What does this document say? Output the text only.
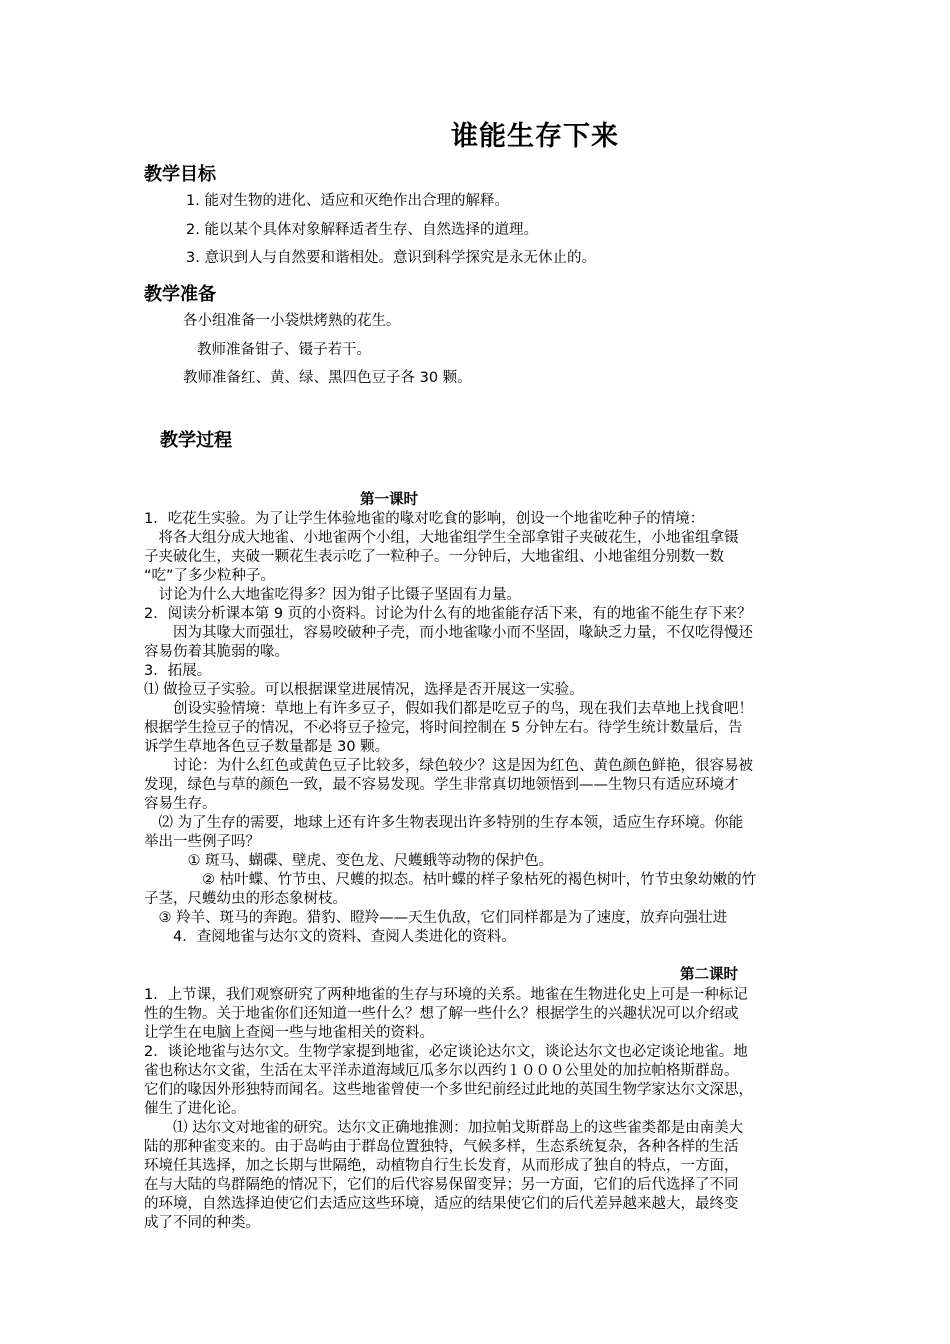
谁能生存下来
教学目标
1. 能对生物的进化、适应和灭绝作出合理的解释。
2. 能以某个具体对象解释适者生存、自然选择的道理。
3. 意识到人与自然要和谐相处。意识到科学探究是永无休止的。
教学准备
各小组准备一小袋烘烤熟的花生。
教师准备钳子、镊子若干。
教师准备红、黄、绿、黑四色豆子各 30 颗。
教学过程
第一课时
1．吃花生实验。为了让学生体验地雀的喙对吃食的影响，创设一个地雀吃种子的情境：
　将各大组分成大地雀、小地雀两个小组，大地雀组学生全部拿钳子夹破花生，小地雀组拿镊
子夹破化生，夹破一颗花生表示吃了一粒种子。一分钟后，大地雀组、小地雀组分别数一数
“吃”了多少粒种子。
　讨论为什么大地雀吃得多？因为钳子比镊子坚固有力量。
2．阅读分析课本第 9 页的小资料。讨论为什么有的地雀能存活下来，有的地雀不能生存下来？
　　因为其喙大而强壮，容易咬破种子壳，而小地雀喙小而不坚固，喙缺乏力量，不仅吃得慢还
容易伤着其脆弱的喙。
3．拓展。
⑴ 做捡豆子实验。可以根据课堂进展情况，选择是否开展这一实验。
　　创设实验情境：草地上有许多豆子，假如我们都是吃豆子的鸟，现在我们去草地上找食吧！
根据学生捡豆子的情况，不必将豆子捡完，将时间控制在 5 分钟左右。待学生统计数量后，告
诉学生草地各色豆子数量都是 30 颗。
　　讨论：为什么红色或黄色豆子比较多，绿色较少？这是因为红色、黄色颜色鲜艳，很容易被
发现，绿色与草的颜色一致，最不容易发现。学生非常真切地领悟到——生物只有适应环境才
容易生存。
　⑵ 为了生存的需要，地球上还有许多生物表现出许多特别的生存本领，适应生存环境。你能
举出一些例子吗？
　　　① 斑马、蝴碟、壁虎、变色龙、尺蠖蛾等动物的保护色。
　　　　② 枯叶蝶、竹节虫、尺蠖的拟态。枯叶蝶的样子象枯死的褐色树叶，竹节虫象幼嫩的竹
子茎，尺蠖幼虫的形态象树枝。
　③ 羚羊、斑马的奔跑。猎豹、瞪羚——天生仇敌，它们同样都是为了速度，放弃向强壮进
　　4．查阅地雀与达尔文的资料、查阅人类进化的资料。
第二课时
1．上节课，我们观察研究了两种地雀的生存与环境的关系。地雀在生物进化史上可是一种标记
性的生物。关于地雀你们还知道一些什么？想了解一些什么？根据学生的兴趣状况可以介绍或
让学生在电脑上查阅一些与地雀相关的资料。
2．谈论地雀与达尔文。生物学家提到地雀，必定谈论达尔文，谈论达尔文也必定谈论地雀。地
雀也称达尔文雀，生活在太平洋赤道海域厄瓜多尔以西约１０００公里处的加拉帕格斯群岛。
它们的喙因外形独特而闻名。这些地雀曾使一个多世纪前经过此地的英国生物学家达尔文深思，
催生了进化论。
　　⑴ 达尔文对地雀的研究。达尔文正确地推测：加拉帕戈斯群岛上的这些雀类都是由南美大
陆的那种雀变来的。由于岛屿由于群岛位置独特，气候多样，生态系统复杂，各种各样的生活
环境任其选择，加之长期与世隔绝，动植物自行生长发育，从而形成了独自的特点，一方面，
在与大陆的鸟群隔绝的情况下，它们的后代容易保留变异；另一方面，它们的后代选择了不同
的环境，自然选择迫使它们去适应这些环境，适应的结果使它们的后代差异越来越大，最终变
成了不同的种类。
